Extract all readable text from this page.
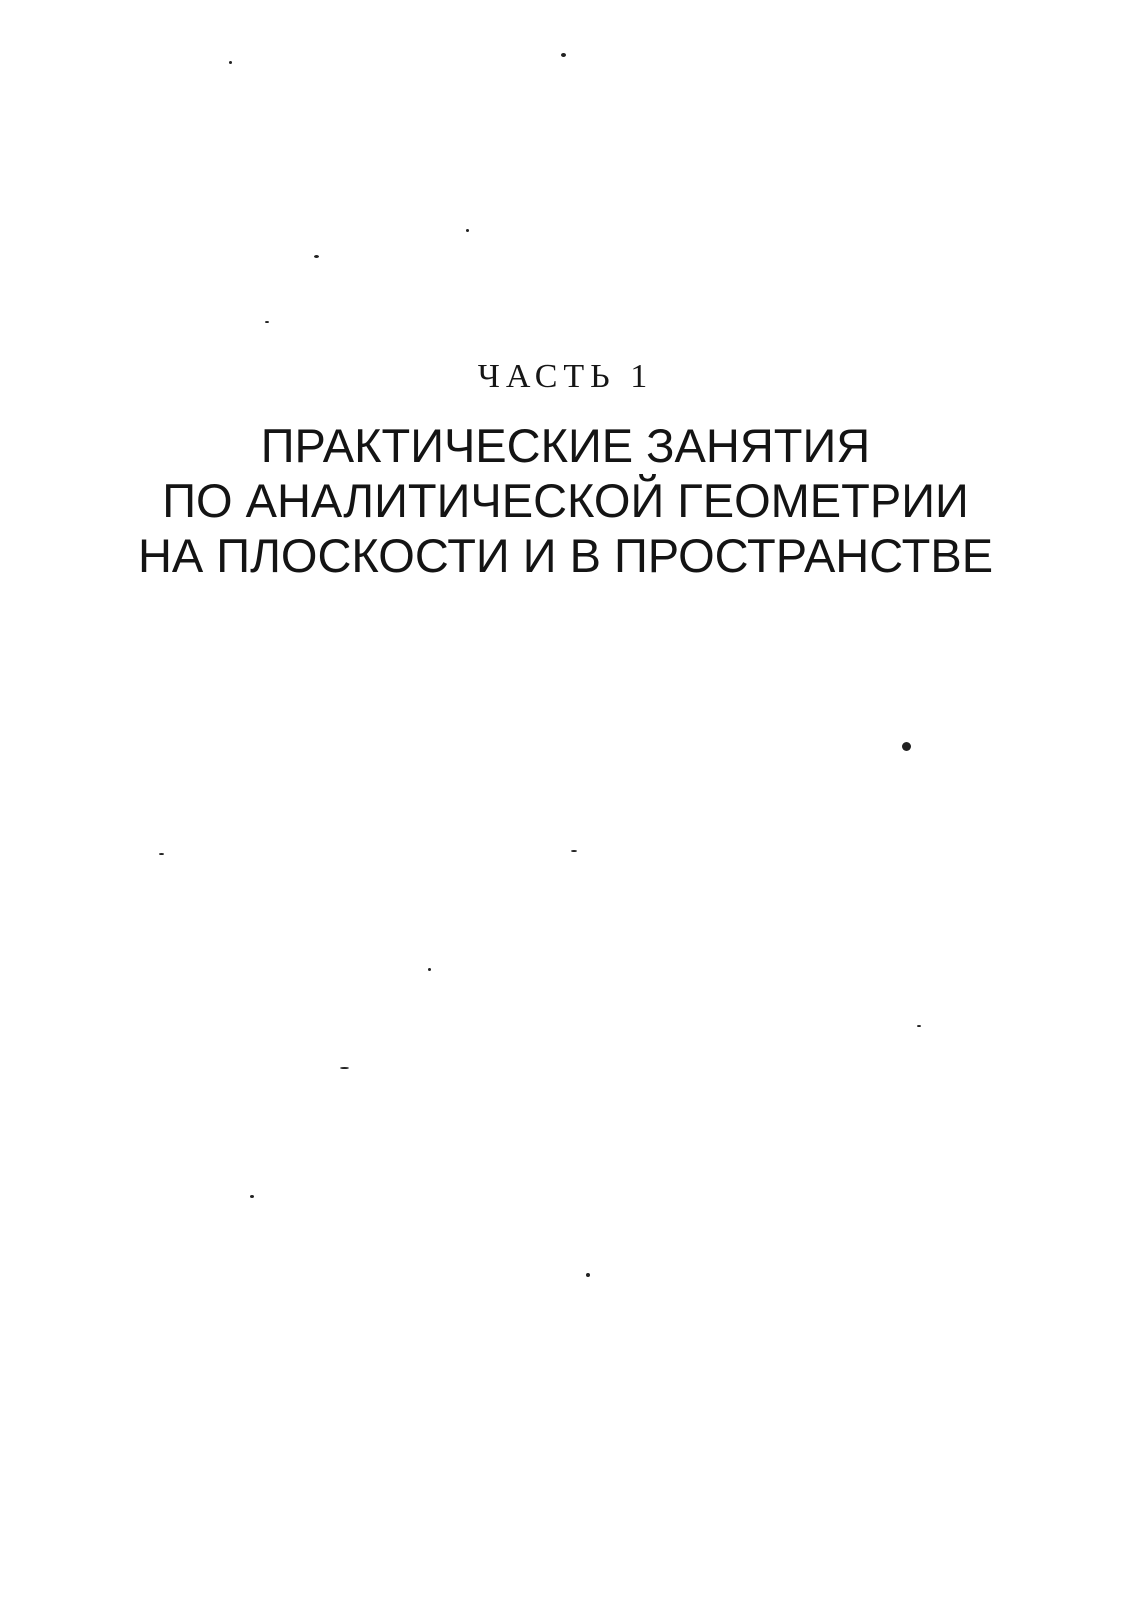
ЧАСТЬ 1
ПРАКТИЧЕСКИЕ ЗАНЯТИЯ
ПО АНАЛИТИЧЕСКОЙ ГЕОМЕТРИИ
НА ПЛОСКОСТИ И В ПРОСТРАНСТВЕ
